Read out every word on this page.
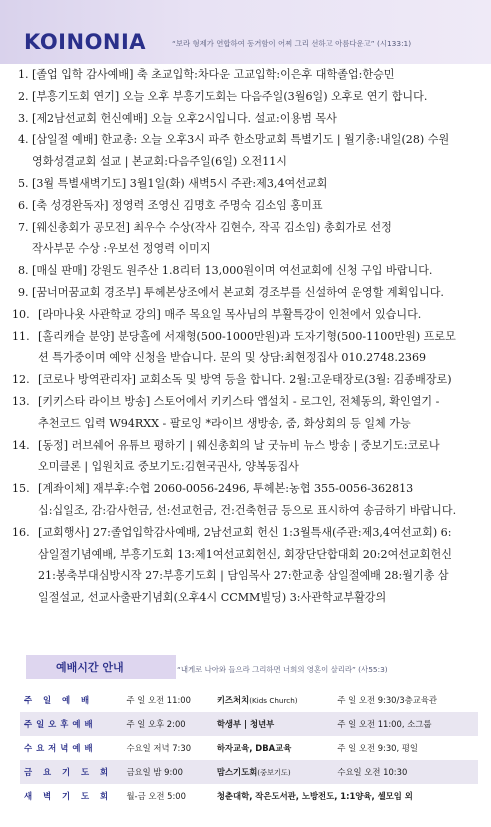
KOINONIA	“보라 형제가 연합하여 동거함이 어찌 그리 선하고 아름다운고” (시133:1)
1. [졸업 입학 감사예배] 축 초교입학:차다운 고교입학:이은후 대학졸업:한승민
2. [부흥기도회 연기] 오늘 오후 부흥기도회는 다음주일(3월6일) 오후로 연기 합니다.
3. [제2남선교회 헌신예배] 오늘 오후2시입니다. 설교:이용범 목사
4. [삼일절 예배] 한교총: 오늘 오후3시 파주 한소망교회 특별기도 | 월기총:내일(28) 수원
영화성결교회 설교 | 본교회:다음주일(6일) 오전11시
5. [3월 특별새벽기도] 3월1일(화) 새벽5시 주관:제3,4여선교회
6. [축 성경완독자] 정영력 조영신 김명호 주명숙 김소임 홍미표
7. [웨신총회가 공모전] 최우수 수상(작사 김현수, 작곡 김소임) 총회가로 선정
작사부문 수상 :우보선 정영력 이미지
8. [매실 판매] 강원도 원주산 1.8리터 13,000원이며 여선교회에 신청 구입 바랍니다.
9. [꿈너머꿈교회 경조부] 투헤본상조에서 본교회 경조부를 신설하여 운영할 계획입니다.
10. [라마나욧 사관학교 강의] 매주 목요일 목사님의 부활특강이 인천에서 있습니다.
11. [홀리캐슬 분양] 분당홀에 서재형(500-1000만원)과 도자기형(500-1100만원) 프로모
션 특가중이며 예약 신청을 받습니다. 문의 및 상담:최현정집사 010.2748.2369
12. [코로나 방역관리자] 교회소독 및 방역 등을 합니다. 2월:고운태장로(3월: 김종배장로)
13. [키키스타 라이브 방송] 스토어에서 키키스타 앱설치 - 로그인, 전체동의, 확인열기 -
추천코드 입력 W94RXX - 팔로잉 *라이브 생방송, 줌, 화상회의 등 일체 가능
14. [동정] 러브쉐어 유튜브 평하기 | 웨신총회의 날 굿뉴비 뉴스 방송 | 중보기도:코로나
오미클론 | 입원치료 중보기도:김현국권사, 양복동집사
15. [계좌이체] 재부후:수협 2060-0056-2496, 투헤본:농협 355-0056-362813
십:십일조, 감:감사헌금, 선:선교헌금, 건:건축헌금 등으로 표시하여 송금하기 바랍니다.
16. [교회행사] 27:졸업입학감사예배, 2남선교회 헌신 1:3월특새(주관:제3,4여선교회) 6:
삼일절기념예배, 부흥기도회 13:제1여선교회헌신, 회장단단합대회 20:2여선교회헌신
21:봉축부대심방시작 27:부흥기도회 | 담임목사 27:한교총 삼일절예배 28:월기총 삼
일절설교, 선교사출판기념회(오후4시 CCMM빌딩) 3:사관학교부활강의
예배시간 안내	“내게로 나아와 들으라 그리하면 너희의 영혼이 살리라” (사55:3)
주 일 예 배	주 일 오전 11:00	키즈처치(Kids Church)	주 일 오전 9:30/3층교육관
주일오후예배	주 일 오후 2:00	학생부 | 청년부	주 일 오전 11:00, 소그룹
수요저녁예배	수요일 저녁 7:30	하자교육, DBA교육	주 일 오전 9:30, 평일
금 요 기 도 회	금요일 밤 9:00	맘스기도회(중보기도)	수요일 오전 10:30
새 벽 기 도 회	월-금 오전 5:00	청춘대학, 작은도서관, 노방전도, 1:1양육, 셀모임 외	
